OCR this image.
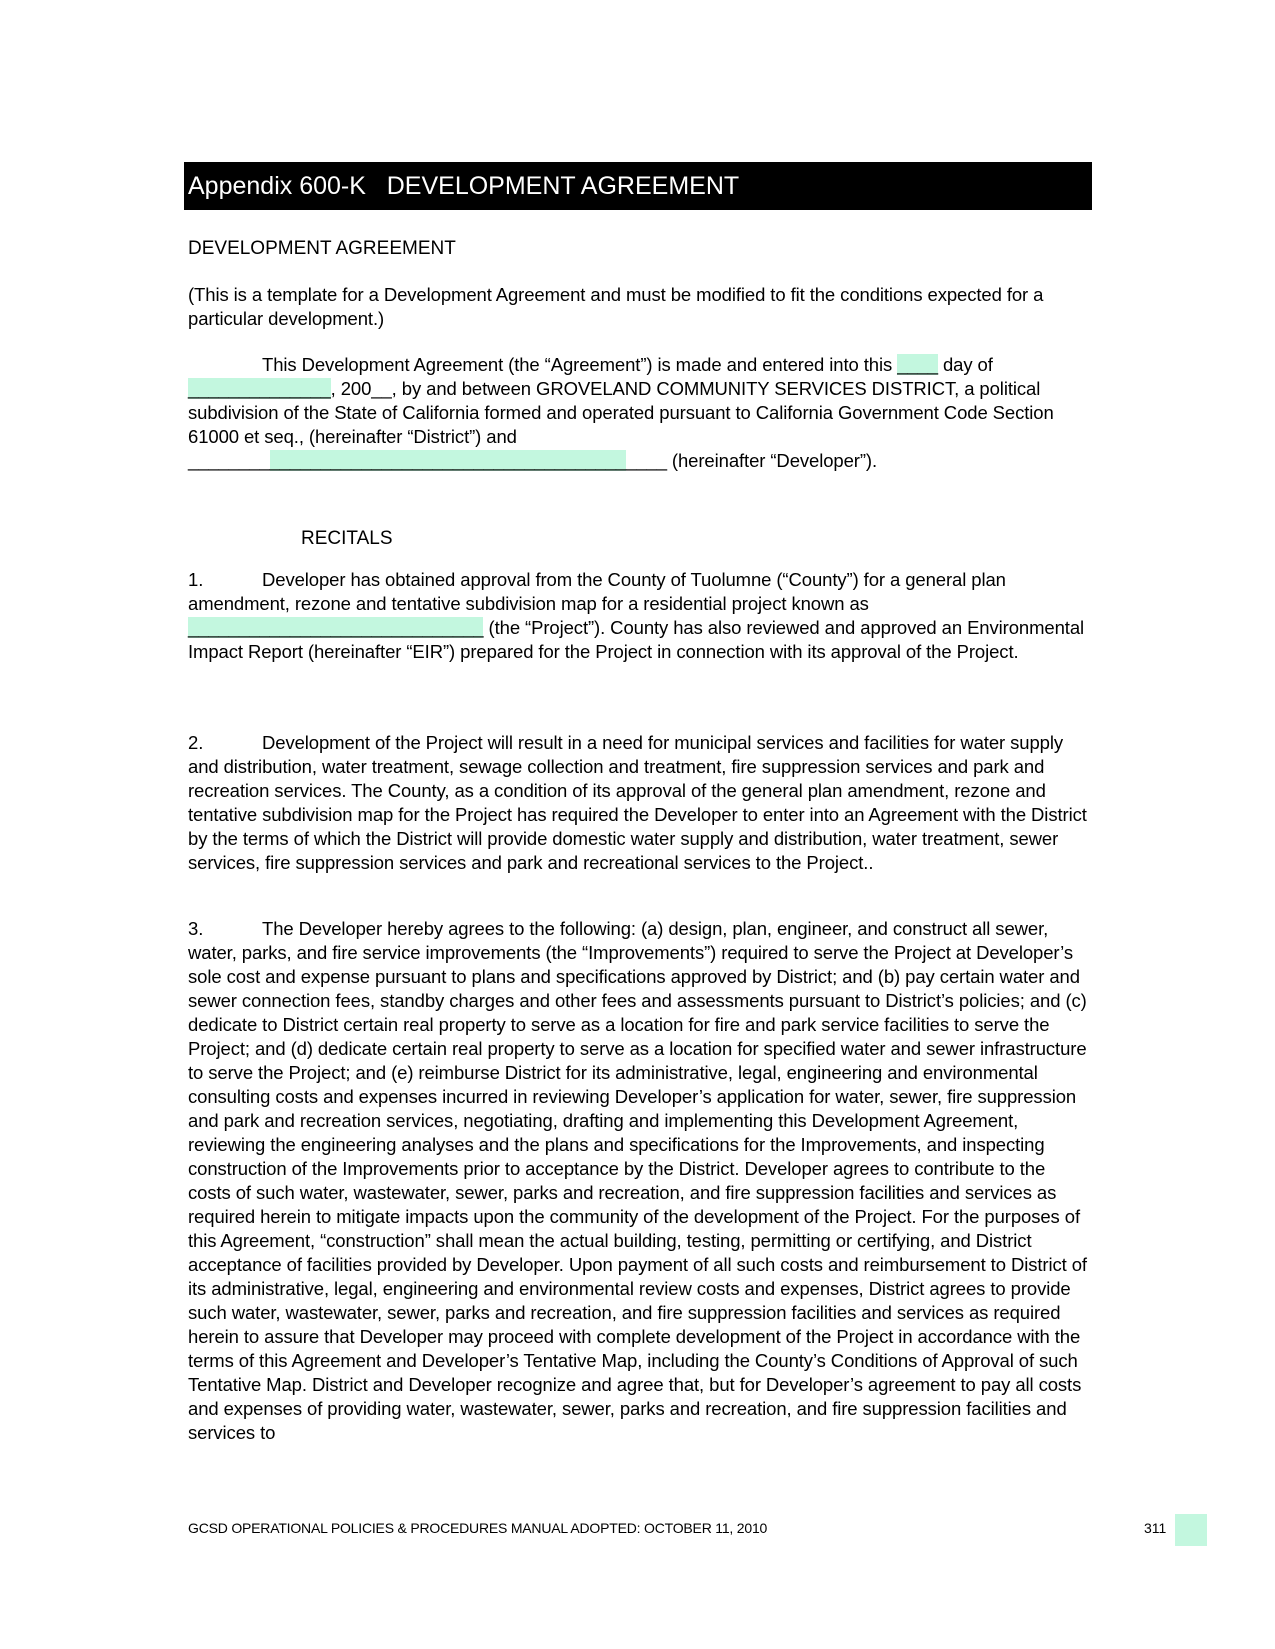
Appendix 600-K DEVELOPMENT AGREEMENT
DEVELOPMENT AGREEMENT

(This is a template for a Development Agreement and must be modified to fit the conditions expected for a particular development.)

This Development Agreement (the “Agreement”) is made and entered into this ____ day of
______________, 200__, by and between GROVELAND COMMUNITY SERVICES DISTRICT, a political subdivision of the State of California formed and operated pursuant to California Government Code Section 61000 et seq., (hereinafter “District”) and
_______________________________________________ (hereinafter “Developer”).

RECITALS

1.	Developer has obtained approval from the County of Tuolumne (“County”) for a general plan amendment, rezone and tentative subdivision map for a residential project known as
_____________________________ (the “Project”). County has also reviewed and approved an Environmental Impact Report (hereinafter “EIR”) prepared for the Project in connection with its approval of the Project.

2.	Development of the Project will result in a need for municipal services and facilities for water supply and distribution, water treatment, sewage collection and treatment, fire suppression services and park and recreation services. The County, as a condition of its approval of the general plan amendment, rezone and tentative subdivision map for the Project has required the Developer to enter into an Agreement with the District by the terms of which the District will provide domestic water supply and distribution, water treatment, sewer services, fire suppression services and park and recreational services to the Project..

3.	The Developer hereby agrees to the following: (a) design, plan, engineer, and construct all sewer, water, parks, and fire service improvements (the “Improvements”) required to serve the Project at Developer’s sole cost and expense pursuant to plans and specifications approved by District; and (b) pay certain water and sewer connection fees, standby charges and other fees and assessments pursuant to District’s policies; and (c) dedicate to District certain real property to serve as a location for fire and park service facilities to serve the Project; and (d) dedicate certain real property to serve as a location for specified water and sewer infrastructure to serve the Project; and (e) reimburse District for its administrative, legal, engineering and environmental consulting costs and expenses incurred in reviewing Developer’s application for water, sewer, fire suppression and park and recreation services, negotiating, drafting and implementing this Development Agreement, reviewing the engineering analyses and the plans and specifications for the Improvements, and inspecting construction of the Improvements prior to acceptance by the District. Developer agrees to contribute to the costs of such water, wastewater, sewer, parks and recreation, and fire suppression facilities and services as required herein to mitigate impacts upon the community of the development of the Project. For the purposes of this Agreement, “construction” shall mean the actual building, testing, permitting or certifying, and District acceptance of facilities provided by Developer. Upon payment of all such costs and reimbursement to District of its administrative, legal, engineering and environmental review costs and expenses, District agrees to provide such water, wastewater, sewer, parks and recreation, and fire suppression facilities and services as required herein to assure that Developer may proceed with complete development of the Project in accordance with the terms of this Agreement and Developer’s Tentative Map, including the County’s Conditions of Approval of such Tentative Map. District and Developer recognize and agree that, but for Developer’s agreement to pay all costs and expenses of providing water, wastewater, sewer, parks and recreation, and fire suppression facilities and services to

GCSD OPERATIONAL POLICIES & PROCEDURES MANUAL ADOPTED: OCTOBER 11, 2010	311
